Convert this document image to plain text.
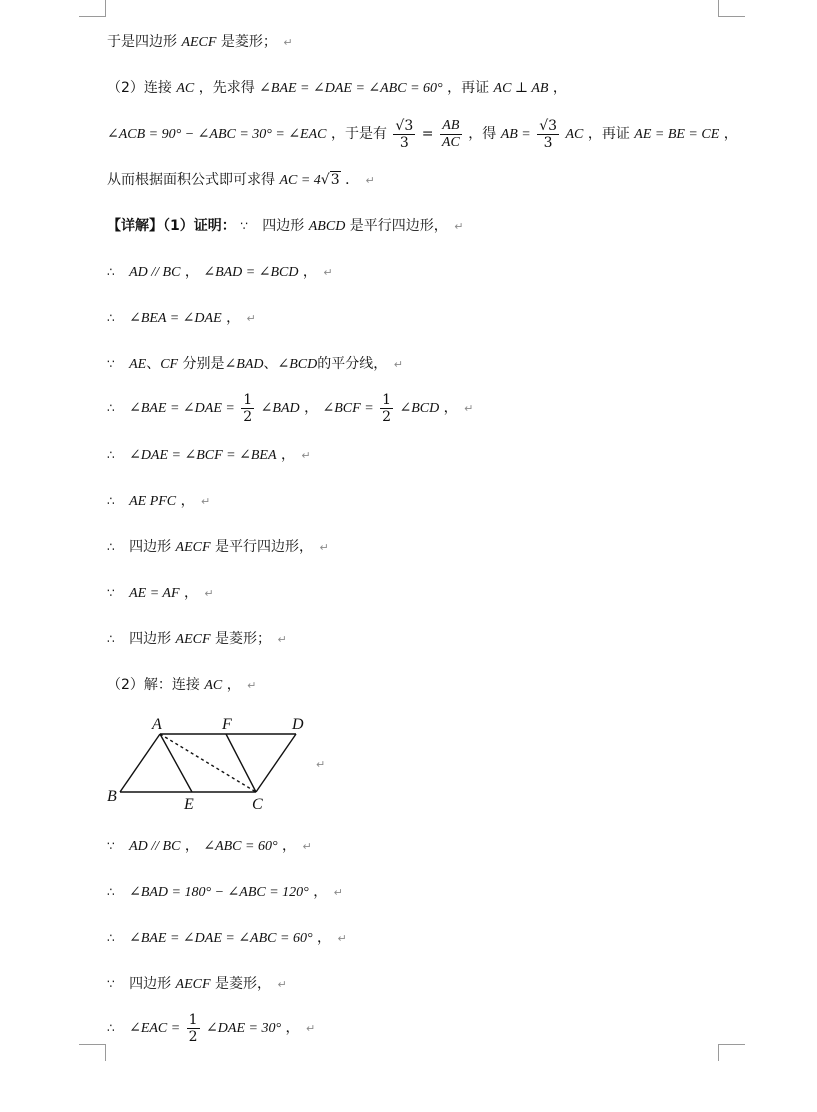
于是四边形 AECF 是菱形； ↵
（2）连接 AC ，先求得 ∠BAE = ∠DAE = ∠ABC = 60° ，再证 AC ⊥ AB ，
∠ACB = 90° − ∠ABC = 30° = ∠EAC ，于是有 $\frac{√3}{3} = \frac{AB}{AC}$ ，得 AB = $\frac{√3}{3}$ AC ，再证 AE = BE = CE ，
从而根据面积公式即可求得 AC = 4√3 ． ↵
【详解】（1）证明： ∵ 四边形 ABCD 是平行四边形， ↵
∴ AD // BC ， ∠BAD = ∠BCD ， ↵
∴ ∠BEA = ∠DAE ， ↵
∵ AE、CF 分别是∠BAD、∠BCD的平分线， ↵
∴ ∠BAE = ∠DAE = $\frac{1}{2}$ ∠BAD ， ∠BCF = $\frac{1}{2}$ ∠BCD ， ↵
∴ ∠DAE = ∠BCF = ∠BEA ， ↵
∴ AE PFC ， ↵
∴ 四边形 AECF 是平行四边形， ↵
∵ AE = AF ， ↵
∴ 四边形 AECF 是菱形； ↵
（2）解：连接 AC ， ↵
A	F	D
B	E	C
↵
∵ AD // BC ， ∠ABC = 60° ， ↵
∴ ∠BAD = 180° − ∠ABC = 120° ， ↵
∴ ∠BAE = ∠DAE = ∠ABC = 60° ， ↵
∵ 四边形 AECF 是菱形， ↵
∴ ∠EAC = $\frac{1}{2}$ ∠DAE = 30° ， ↵
